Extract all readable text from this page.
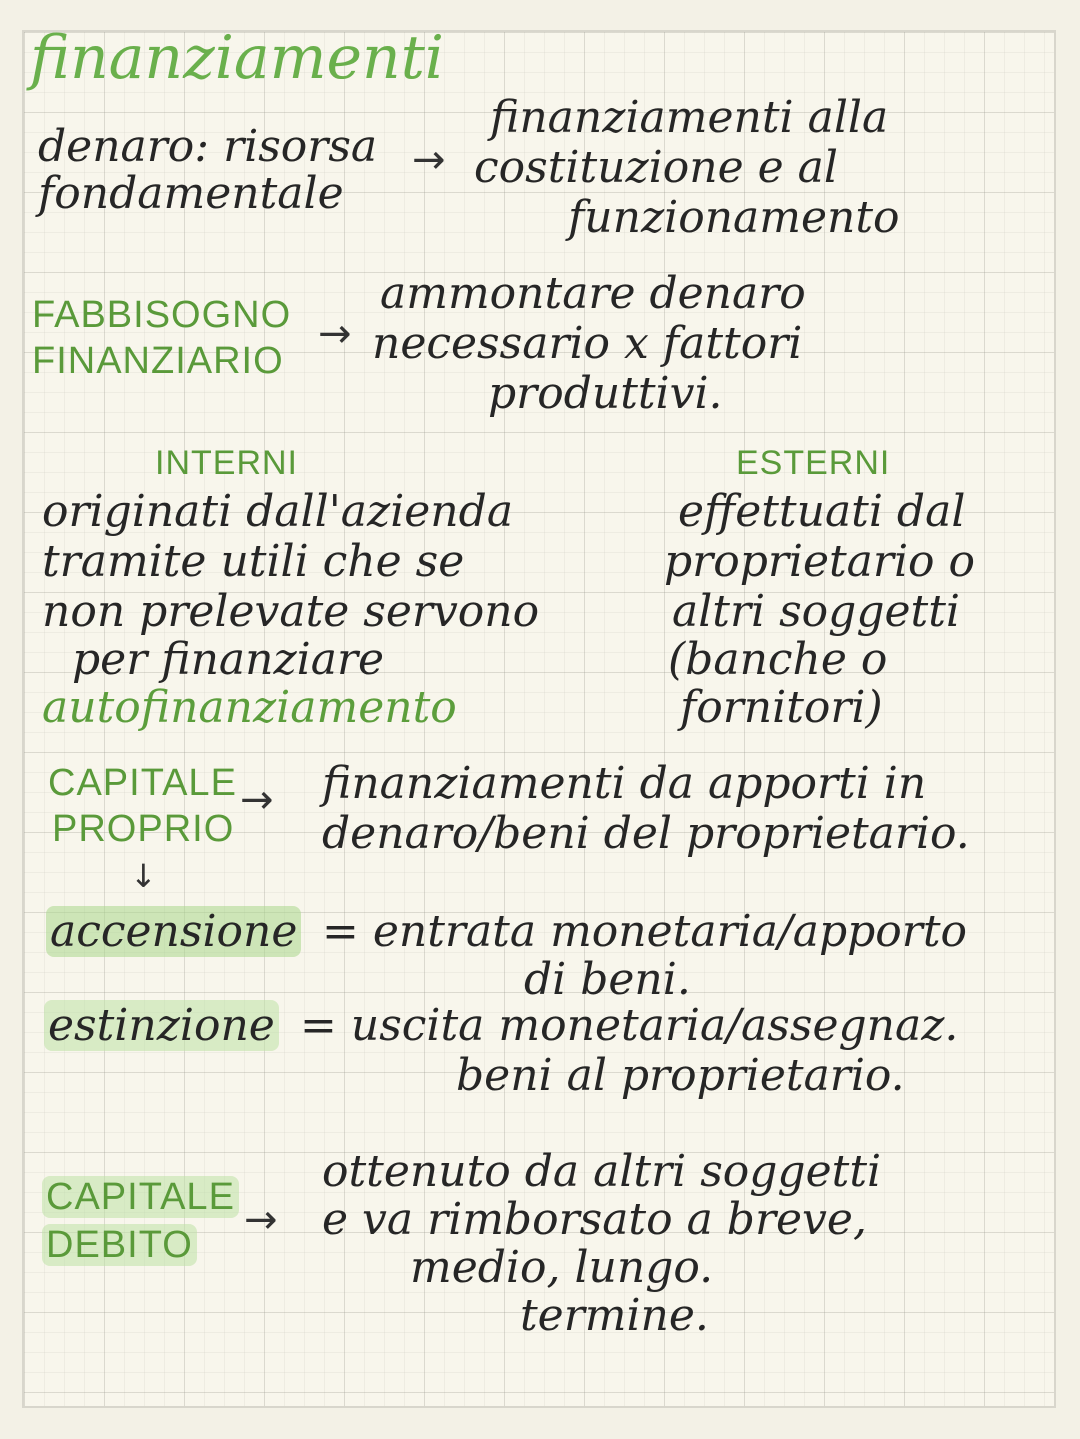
finanziamenti
denaro: risorsa
fondamentale
→
finanziamenti alla
costituzione e al
funzionamento
FABBISOGNO
FINANZIARIO
→
ammontare denaro
necessario x fattori
produttivi.
INTERNI
originati dall'azienda
tramite utili che se
non prelevate servono
per finanziare
autofinanziamento
ESTERNI
effettuati dal
proprietario o
altri soggetti
(banche o
fornitori)
CAPITALE
PROPRIO
→
↓
finanziamenti da apporti in
denaro/beni del proprietario.
accensione = entrata monetaria/apporto
di beni.
estinzione = uscita monetaria/assegnaz.
beni al proprietario.
CAPITALE
DEBITO
→
ottenuto da altri soggetti
e va rimborsato a breve,
medio, lungo.
termine.
